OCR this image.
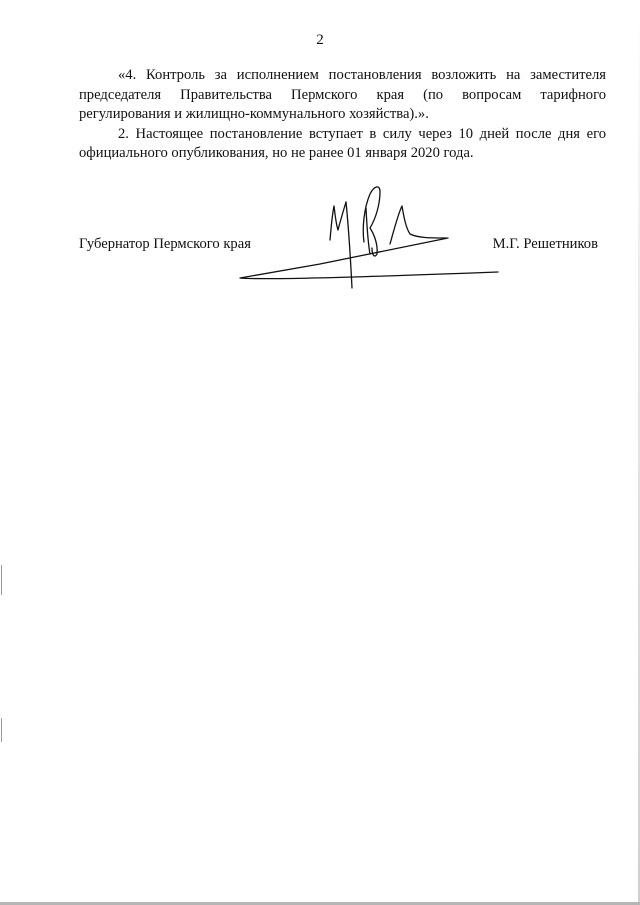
2

«4. Контроль за исполнением постановления возложить на заместителя председателя Правительства Пермского края (по вопросам тарифного регулирования и жилищно-коммунального хозяйства).».

2. Настоящее постановление вступает в силу через 10 дней после дня его официального опубликования, но не ранее 01 января 2020 года.

Губернатор Пермского края	М.Г. Решетников
